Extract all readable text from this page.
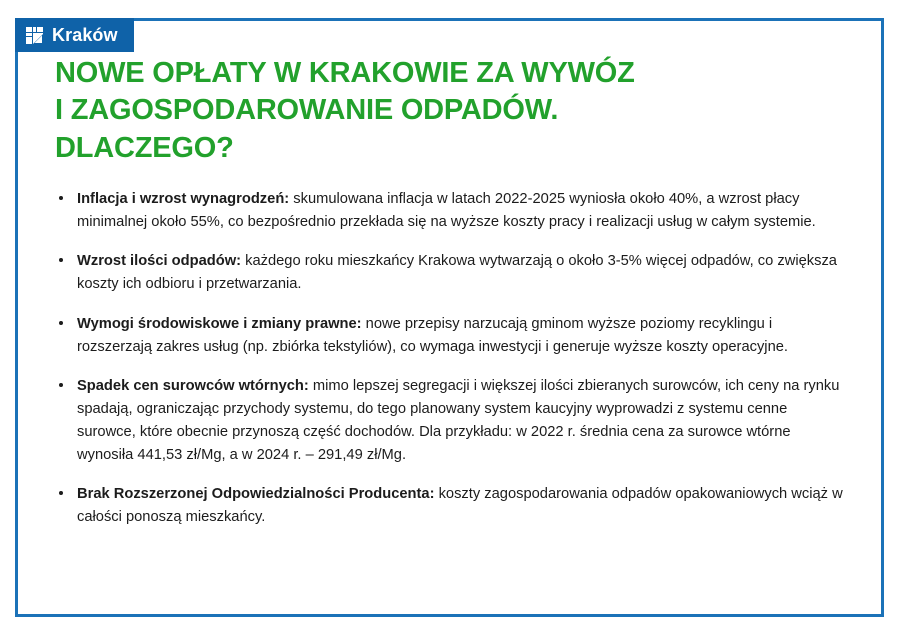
Kraków
NOWE OPŁATY W KRAKOWIE ZA WYWÓZ
I ZAGOSPODAROWANIE ODPADÓW.
DLACZEGO?
Inflacja i wzrost wynagrodzeń: skumulowana inflacja w latach 2022-2025 wyniosła około 40%, a wzrost płacy minimalnej około 55%, co bezpośrednio przekłada się na wyższe koszty pracy i realizacji usług w całym systemie.
Wzrost ilości odpadów: każdego roku mieszkańcy Krakowa wytwarzają o około 3-5% więcej odpadów, co zwiększa koszty ich odbioru i przetwarzania.
Wymogi środowiskowe i zmiany prawne: nowe przepisy narzucają gminom wyższe poziomy recyklingu i rozszerzają zakres usług (np. zbiórka tekstyliów), co wymaga inwestycji i generuje wyższe koszty operacyjne.
Spadek cen surowców wtórnych: mimo lepszej segregacji i większej ilości zbieranych surowców, ich ceny na rynku spadają, ograniczając przychody systemu, do tego planowany system kaucyjny wyprowadzi z systemu cenne surowce, które obecnie przynoszą część dochodów. Dla przykładu: w 2022 r. średnia cena za surowce wtórne wynosiła 441,53 zł/Mg, a w 2024 r. – 291,49 zł/Mg.
Brak Rozszerzonej Odpowiedzialności Producenta: koszty zagospodarowania odpadów opakowaniowych wciąż w całości ponoszą mieszkańcy.
